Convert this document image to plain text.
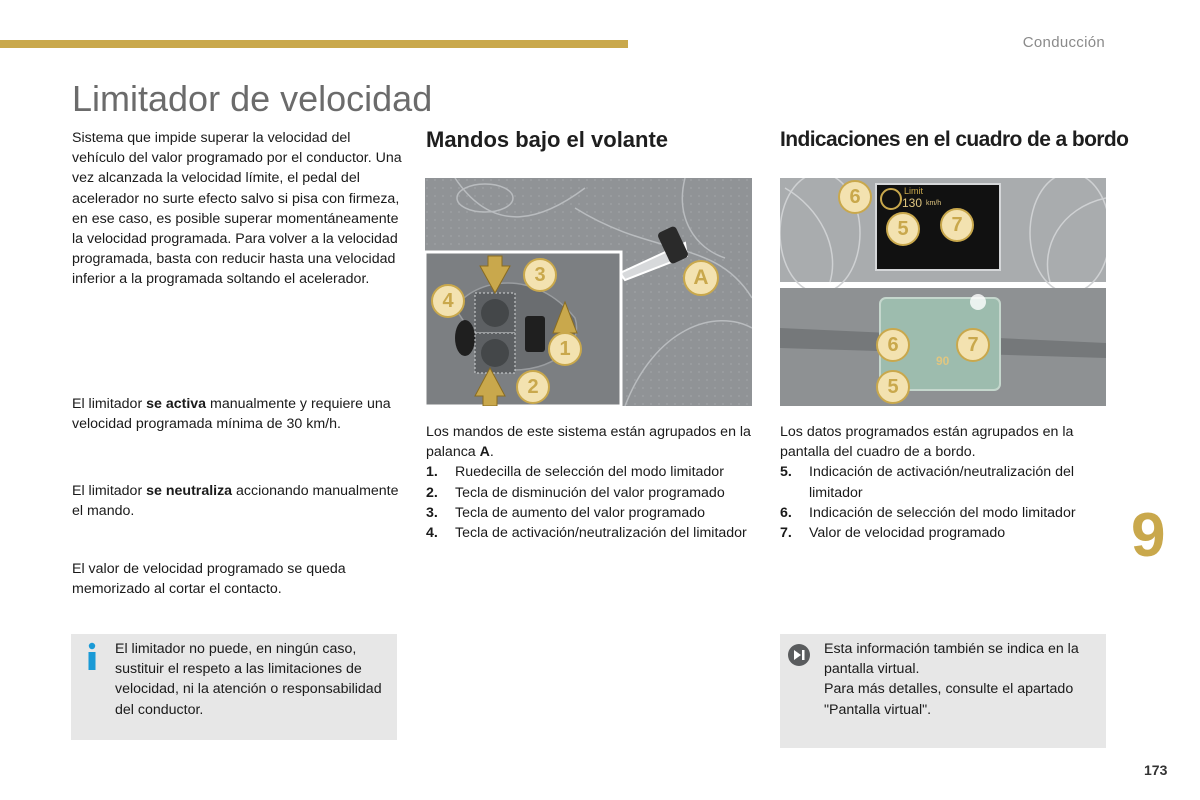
Conducción
Limitador de velocidad

Sistema que impide superar la velocidad del vehículo del valor programado por el conductor. Una vez alcanzada la velocidad límite, el pedal del acelerador no surte efecto salvo si pisa con firmeza, en ese caso, es posible superar momentáneamente la velocidad programada. Para volver a la velocidad programada, basta con reducir hasta una velocidad inferior a la programada soltando el acelerador.

El limitador se activa manualmente y requiere una velocidad programada mínima de 30 km/h.

El limitador se neutraliza accionando manualmente el mando.

El valor de velocidad programado se queda memorizado al cortar el contacto.

El limitador no puede, en ningún caso, sustituir el respeto a las limitaciones de velocidad, ni la atención o responsabilidad del conductor.
Mandos bajo el volante
3
4
1
2
A

Los mandos de este sistema están agrupados en la palanca A.

1.	Ruedecilla de selección del modo limitador
2.	Tecla de disminución del valor programado
3.	Tecla de aumento del valor programado
4.	Tecla de activación/neutralización del limitador
Indicaciones en el cuadro de a bordo
Limit
130 km/h
90
6
5	7
6	7
5

Los datos programados están agrupados en la pantalla del cuadro de a bordo.

5.	Indicación de activación/neutralización del limitador
6.	Indicación de selección del modo limitador
7.	Valor de velocidad programado
Esta información también se indica en la pantalla virtual.
Para más detalles, consulte el apartado "Pantalla virtual".
9
173
